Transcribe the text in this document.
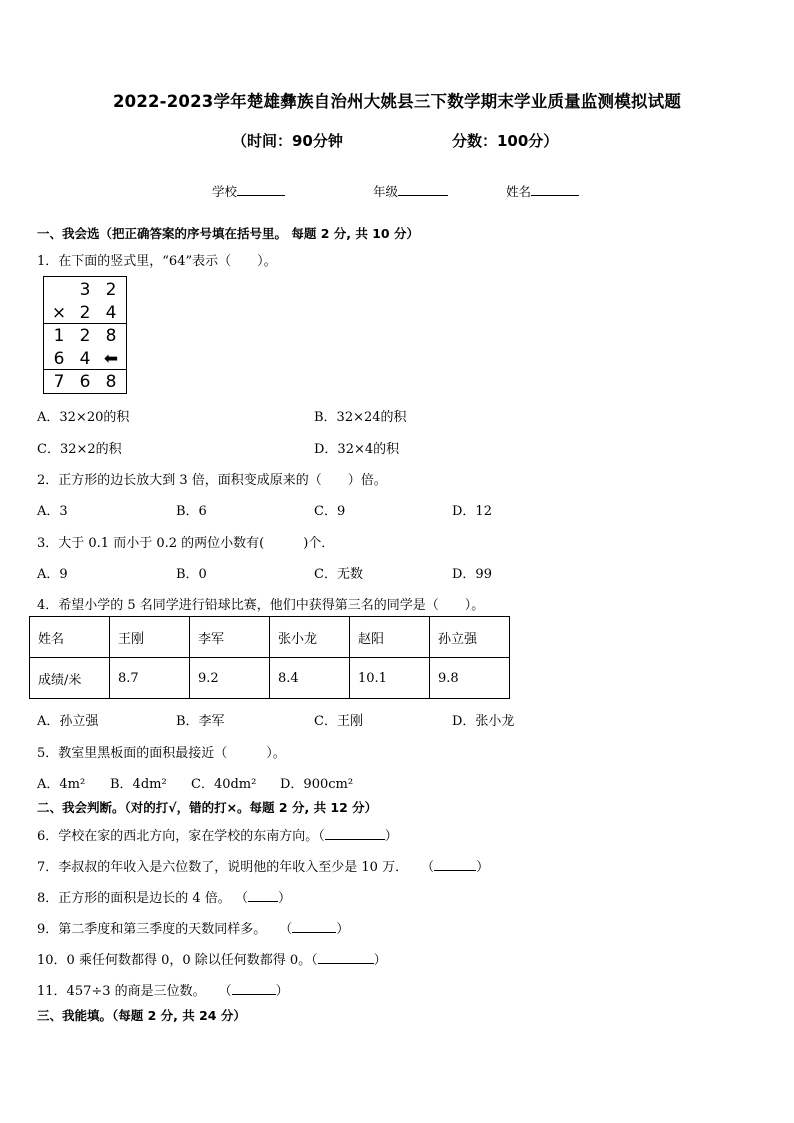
2022-2023学年楚雄彝族自治州大姚县三下数学期末学业质量监测模拟试题
（时间：90分钟	分数：100分）
学校	年级	姓名
一、我会选（把正确答案的序号填在括号里。 每题 2 分, 共 10 分）
1．在下面的竖式里，“64”表示（　　）。
3 2
× 2 4
1 2 8
6 4 ⬅
7 6 8
A．32×20的积	B．32×24的积
C．32×2的积	D．32×4的积
2．正方形的边长放大到 3 倍，面积变成原来的（　　）倍。
A．3	B．6	C．9	D．12
3．大于 0.1 而小于 0.2 的两位小数有(　　　)个．
A．9	B．0	C．无数	D．99
4．希望小学的 5 名同学进行铅球比赛，他们中获得第三名的同学是（　　）。
姓名	王刚	李军	张小龙	赵阳	孙立强
成绩/米	8.7	9.2	8.4	10.1	9.8
A．孙立强	B．李军	C．王刚	D．张小龙
5．教室里黑板面的面积最接近（　　　）。
A．4m² B．4dm² C．40dm² D．900cm²
二、我会判断。（对的打√，错的打×。每题 2 分, 共 12 分）
6．学校在家的西北方向，家在学校的东南方向。（	）
7．李叔叔的年收入是六位数了，说明他的年收入至少是 10 万．　　（	）
8．正方形的面积是边长的 4 倍。 （ ）
9．第二季度和第三季度的天数同样多。　　（	）
10．0 乘任何数都得 0，0 除以任何数都得 0。（	）
11．457÷3 的商是三位数。　　（	）
三、我能填。（每题 2 分, 共 24 分）
